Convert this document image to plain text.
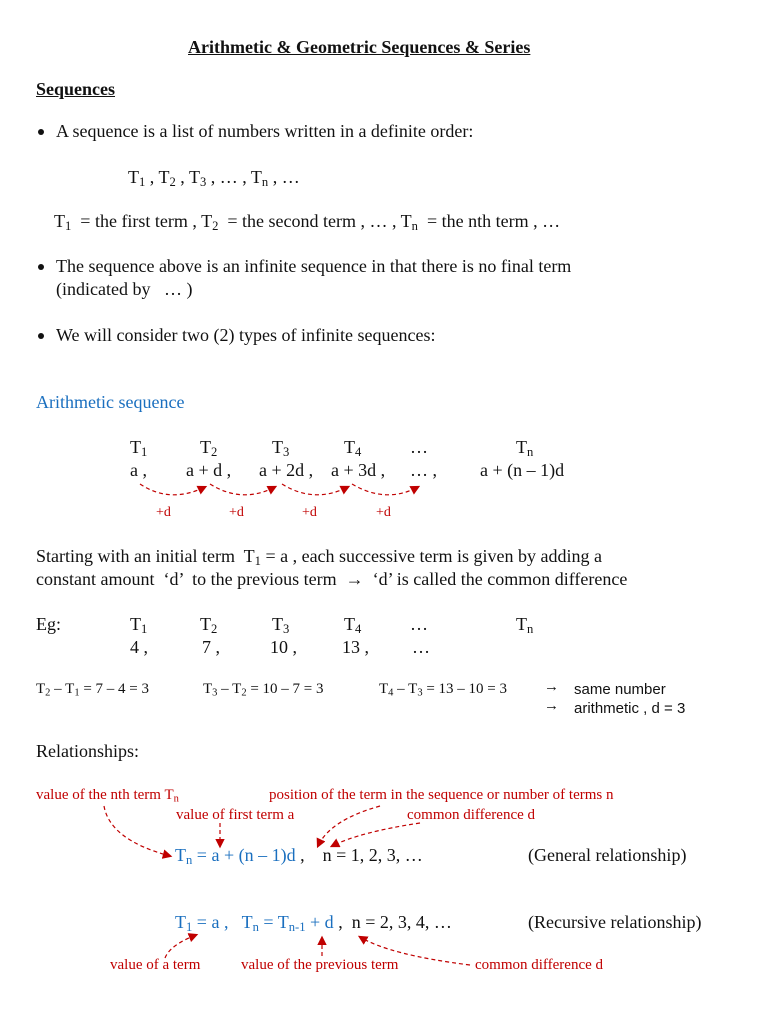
Arithmetic & Geometric Sequences & Series
Sequences
A sequence is a list of numbers written in a definite order:
$T_1$ , $T_2$ , $T_3$ , … , $T_n$ , …
$T_1$  = the first term , $T_2$  = the second term , … , $T_n$  = the nth term , …
The sequence above is an infinite sequence in that there is no final term
(indicated by   … )
We will consider two (2) types of infinite sequences:
Arithmetic sequence
$T_1$	$T_2$	$T_3$	$T_4$	…	$T_n$
a , a + d , a + 2d , a + 3d , … , a + (n – 1)d
+d	+d	+d	+d
Starting with an initial term  $T_1 = a$ , each successive term is given by adding a
constant amount  ‘d’  to the previous term  →  ‘d’ is called the common difference
Eg:	$T_1$	$T_2$	$T_3$	$T_4$	…	$T_n$
4 ,	7 ,	10 ,	13 , …
$T_2 - T_1 = 7 - 4 = 3$	$T_3 - T_2 = 10 - 7 = 3$	$T_4 - T_3 = 13 - 10 = 3$ → same number
→ arithmetic , d = 3
Relationships:
value of the nth term $T_n$	position of the term in the sequence or number of terms n
value of first term a	common difference d
$T_n = a + (n - 1)d$ ,    n = 1, 2, 3, …	(General relationship)
$T_1 = a$ ,   $T_n = T_{n-1} + d$ ,  n = 2, 3, 4, …	(Recursive relationship)
value of a term	value of the previous term	common difference d
